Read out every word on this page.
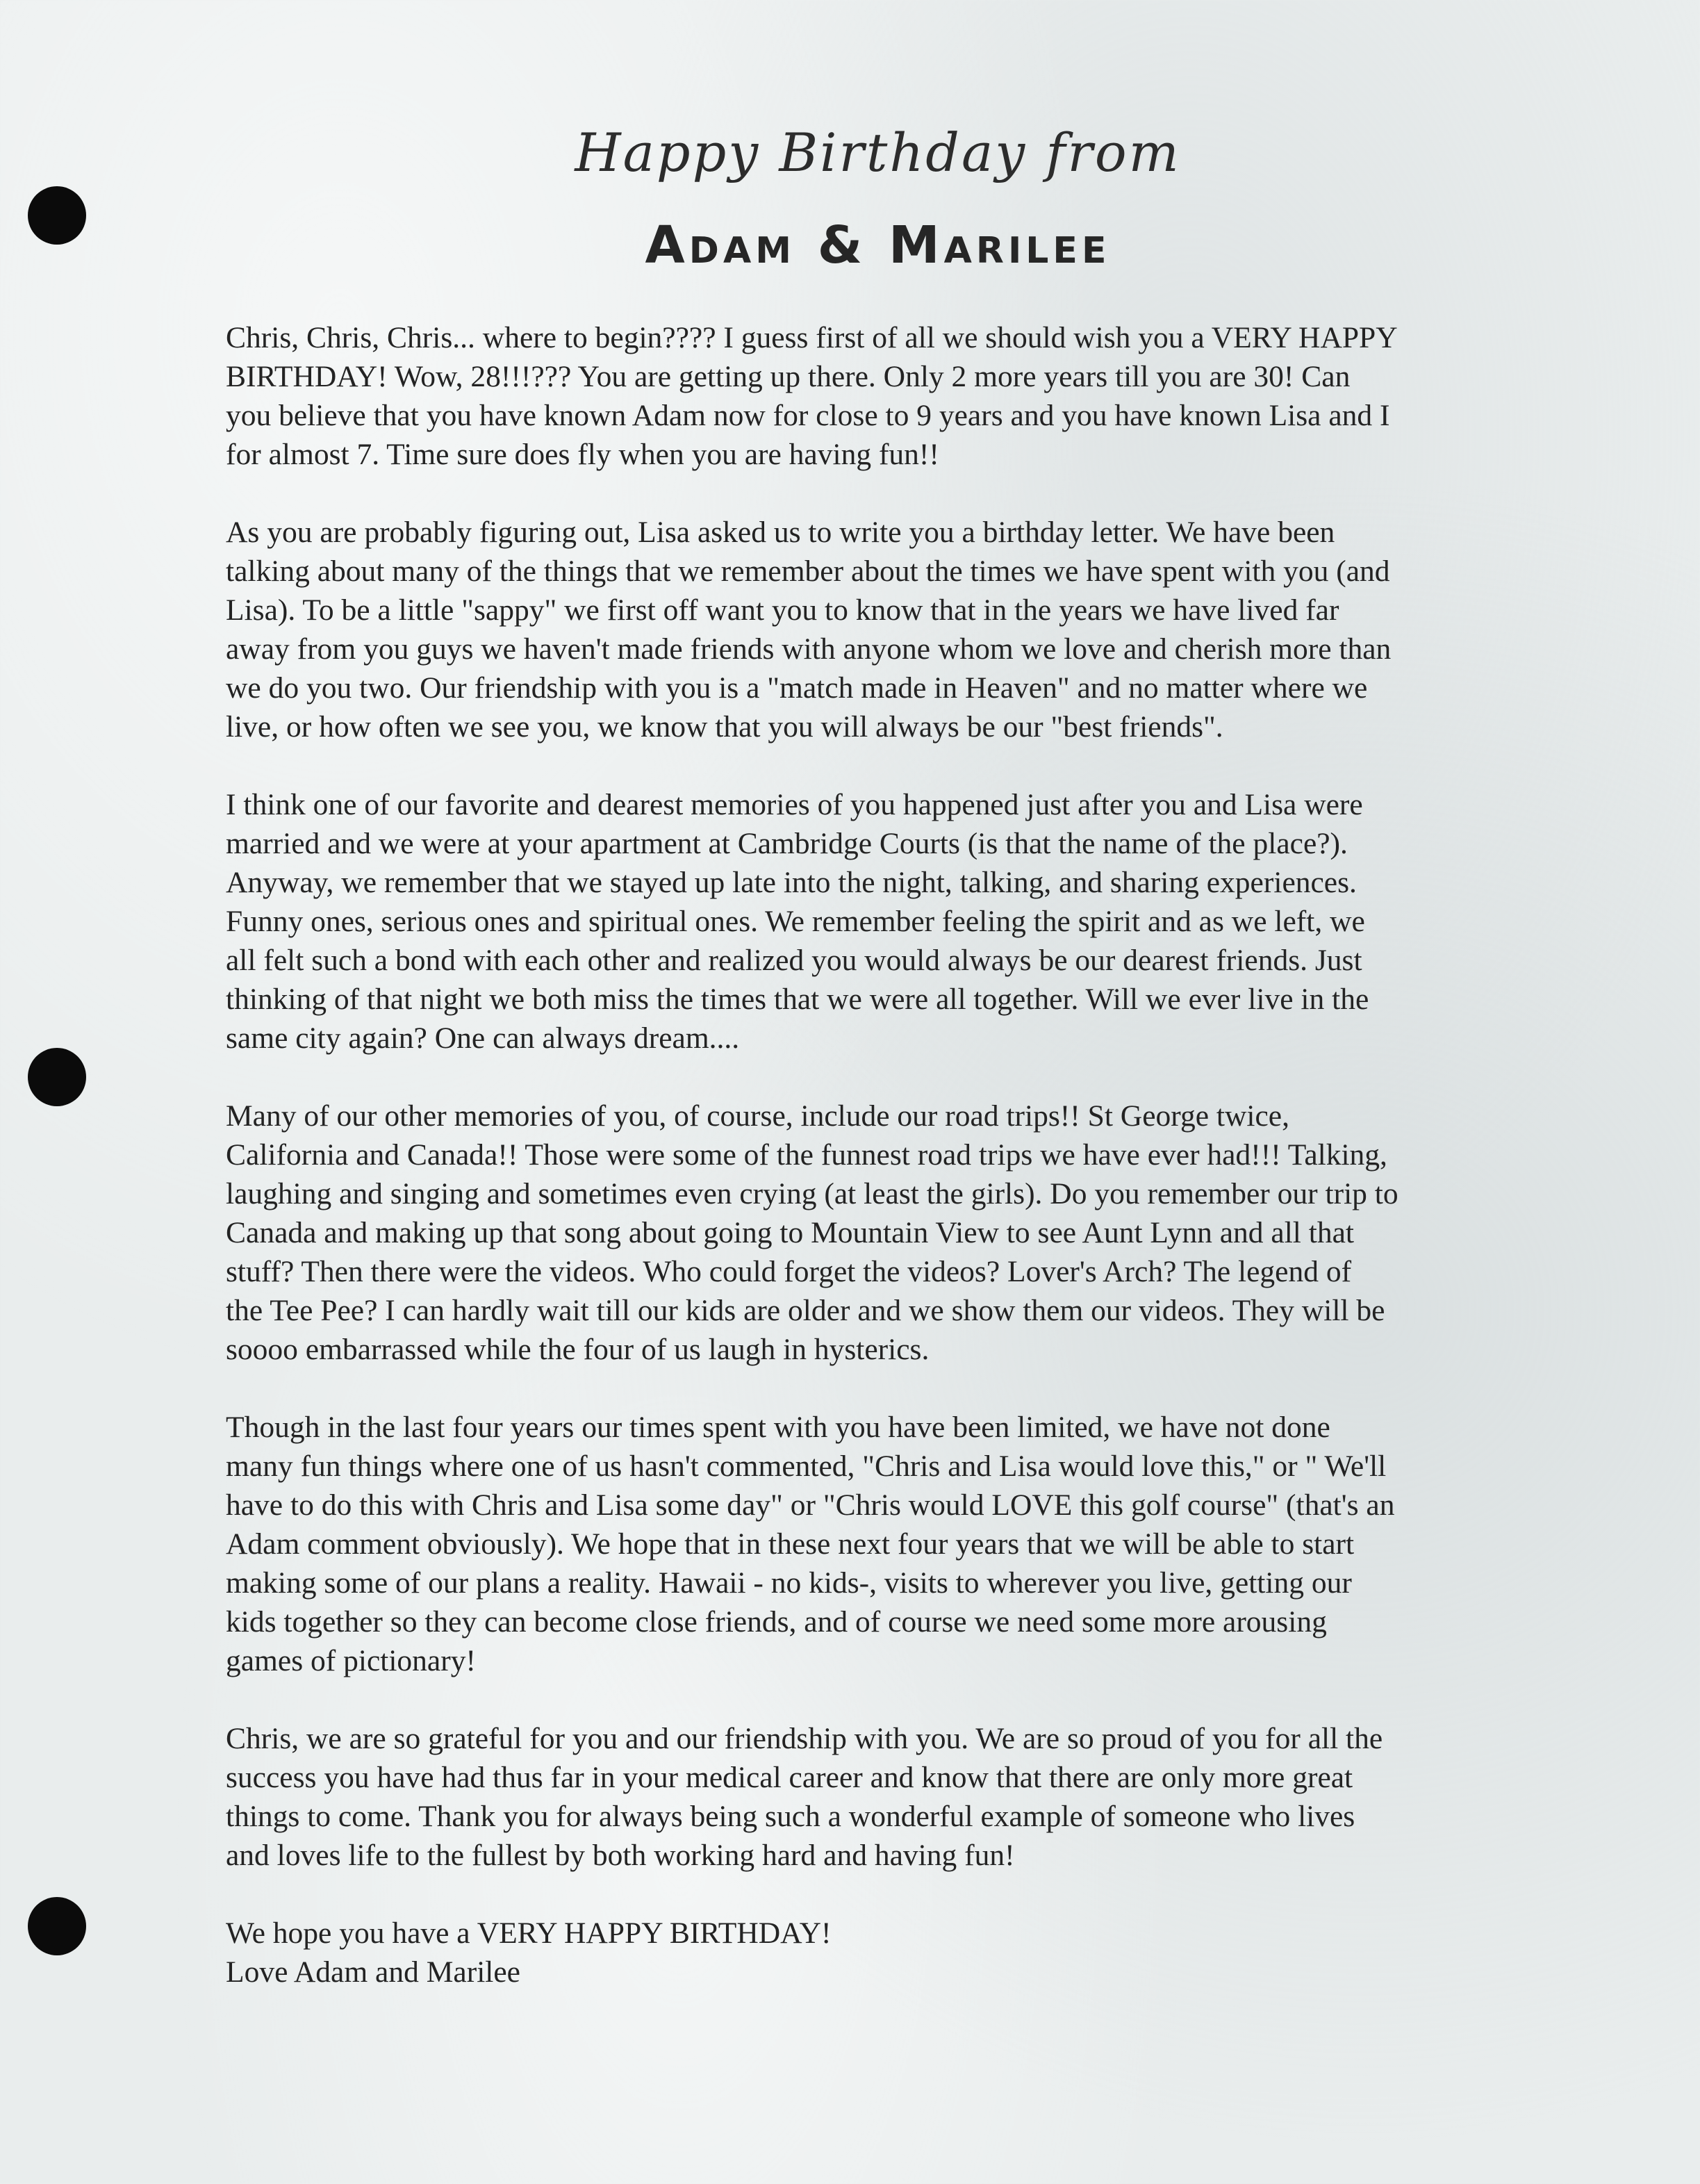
Happy Birthday from
Adam & Marilee

Chris, Chris, Chris... where to begin???? I guess first of all we should wish you a VERY HAPPY
BIRTHDAY! Wow, 28!!!??? You are getting up there. Only 2 more years till you are 30! Can
you believe that you have known Adam now for close to 9 years and you have known Lisa and I
for almost 7. Time sure does fly when you are having fun!!

As you are probably figuring out, Lisa asked us to write you a birthday letter. We have been
talking about many of the things that we remember about the times we have spent with you (and
Lisa). To be a little "sappy" we first off want you to know that in the years we have lived far
away from you guys we haven't made friends with anyone whom we love and cherish more than
we do you two. Our friendship with you is a "match made in Heaven" and no matter where we
live, or how often we see you, we know that you will always be our "best friends".

I think one of our favorite and dearest memories of you happened just after you and Lisa were
married and we were at your apartment at Cambridge Courts (is that the name of the place?).
Anyway, we remember that we stayed up late into the night, talking, and sharing experiences.
Funny ones, serious ones and spiritual ones. We remember feeling the spirit and as we left, we
all felt such a bond with each other and realized you would always be our dearest friends. Just
thinking of that night we both miss the times that we were all together. Will we ever live in the
same city again? One can always dream....

Many of our other memories of you, of course, include our road trips!! St George twice,
California and Canada!! Those were some of the funnest road trips we have ever had!!! Talking,
laughing and singing and sometimes even crying (at least the girls). Do you remember our trip to
Canada and making up that song about going to Mountain View to see Aunt Lynn and all that
stuff? Then there were the videos. Who could forget the videos? Lover's Arch? The legend of
the Tee Pee? I can hardly wait till our kids are older and we show them our videos. They will be
soooo embarrassed while the four of us laugh in hysterics.

Though in the last four years our times spent with you have been limited, we have not done
many fun things where one of us hasn't commented, "Chris and Lisa would love this," or " We'll
have to do this with Chris and Lisa some day" or "Chris would LOVE this golf course" (that's an
Adam comment obviously). We hope that in these next four years that we will be able to start
making some of our plans a reality. Hawaii - no kids-, visits to wherever you live, getting our
kids together so they can become close friends, and of course we need some more arousing
games of pictionary!

Chris, we are so grateful for you and our friendship with you. We are so proud of you for all the
success you have had thus far in your medical career and know that there are only more great
things to come. Thank you for always being such a wonderful example of someone who lives
and loves life to the fullest by both working hard and having fun!

We hope you have a VERY HAPPY BIRTHDAY!
Love Adam and Marilee
